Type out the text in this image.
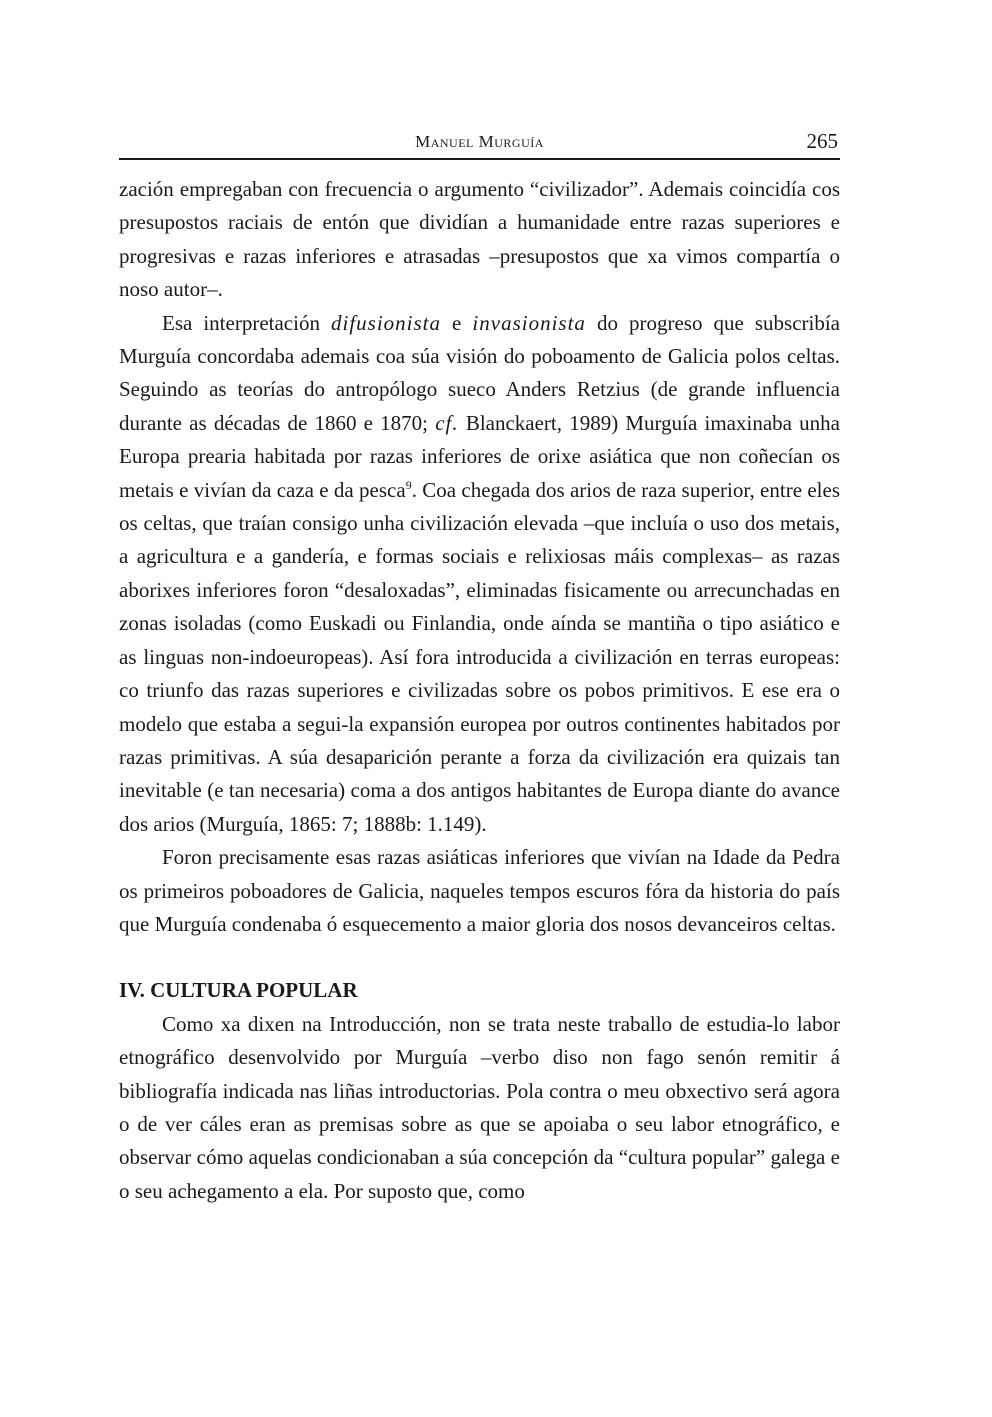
Manuel Murguía	265

zación empregaban con frecuencia o argumento “civilizador”. Ademais coincidía cos presupostos raciais de entón que dividían a humanidade entre razas superiores e progresivas e razas inferiores e atrasadas –presupostos que xa vimos compartía o noso autor–.

Esa interpretación difusionista e invasionista do progreso que subscribía Murguía concordaba ademais coa súa visión do poboamento de Galicia polos celtas. Seguindo as teorías do antropólogo sueco Anders Retzius (de grande influencia durante as décadas de 1860 e 1870; cf. Blanckaert, 1989) Murguía imaxinaba unha Europa prearia habitada por razas inferiores de orixe asiática que non coñecían os metais e vivían da caza e da pesca$^9$. Coa chegada dos arios de raza superior, entre eles os celtas, que traían consigo unha civilización elevada –que incluía o uso dos metais, a agricultura e a gandería, e formas sociais e relixiosas máis complexas– as razas aborixes inferiores foron “desaloxadas”, eliminadas fisicamente ou arrecunchadas en zonas isoladas (como Euskadi ou Finlandia, onde aínda se mantiña o tipo asiático e as linguas non-indoeuropeas). Así fora introducida a civilización en terras europeas: co triunfo das razas superiores e civilizadas sobre os pobos primitivos. E ese era o modelo que estaba a segui-la expansión europea por outros continentes habitados por razas primitivas. A súa desaparición perante a forza da civilización era quizais tan inevitable (e tan necesaria) coma a dos antigos habitantes de Europa diante do avance dos arios (Murguía, 1865: 7; 1888b: 1.149).

Foron precisamente esas razas asiáticas inferiores que vivían na Idade da Pedra os primeiros poboadores de Galicia, naqueles tempos escuros fóra da historia do país que Murguía condenaba ó esquecemento a maior gloria dos nosos devanceiros celtas.

IV. CULTURA POPULAR

Como xa dixen na Introducción, non se trata neste traballo de estudia-lo labor etnográfico desenvolvido por Murguía –verbo diso non fago senón remitir á bibliografía indicada nas liñas introductorias. Pola contra o meu obxectivo será agora o de ver cáles eran as premisas sobre as que se apoiaba o seu labor etnográfico, e observar cómo aquelas condicionaban a súa concepción da “cultura popular” galega e o seu achegamento a ela. Por suposto que, como
